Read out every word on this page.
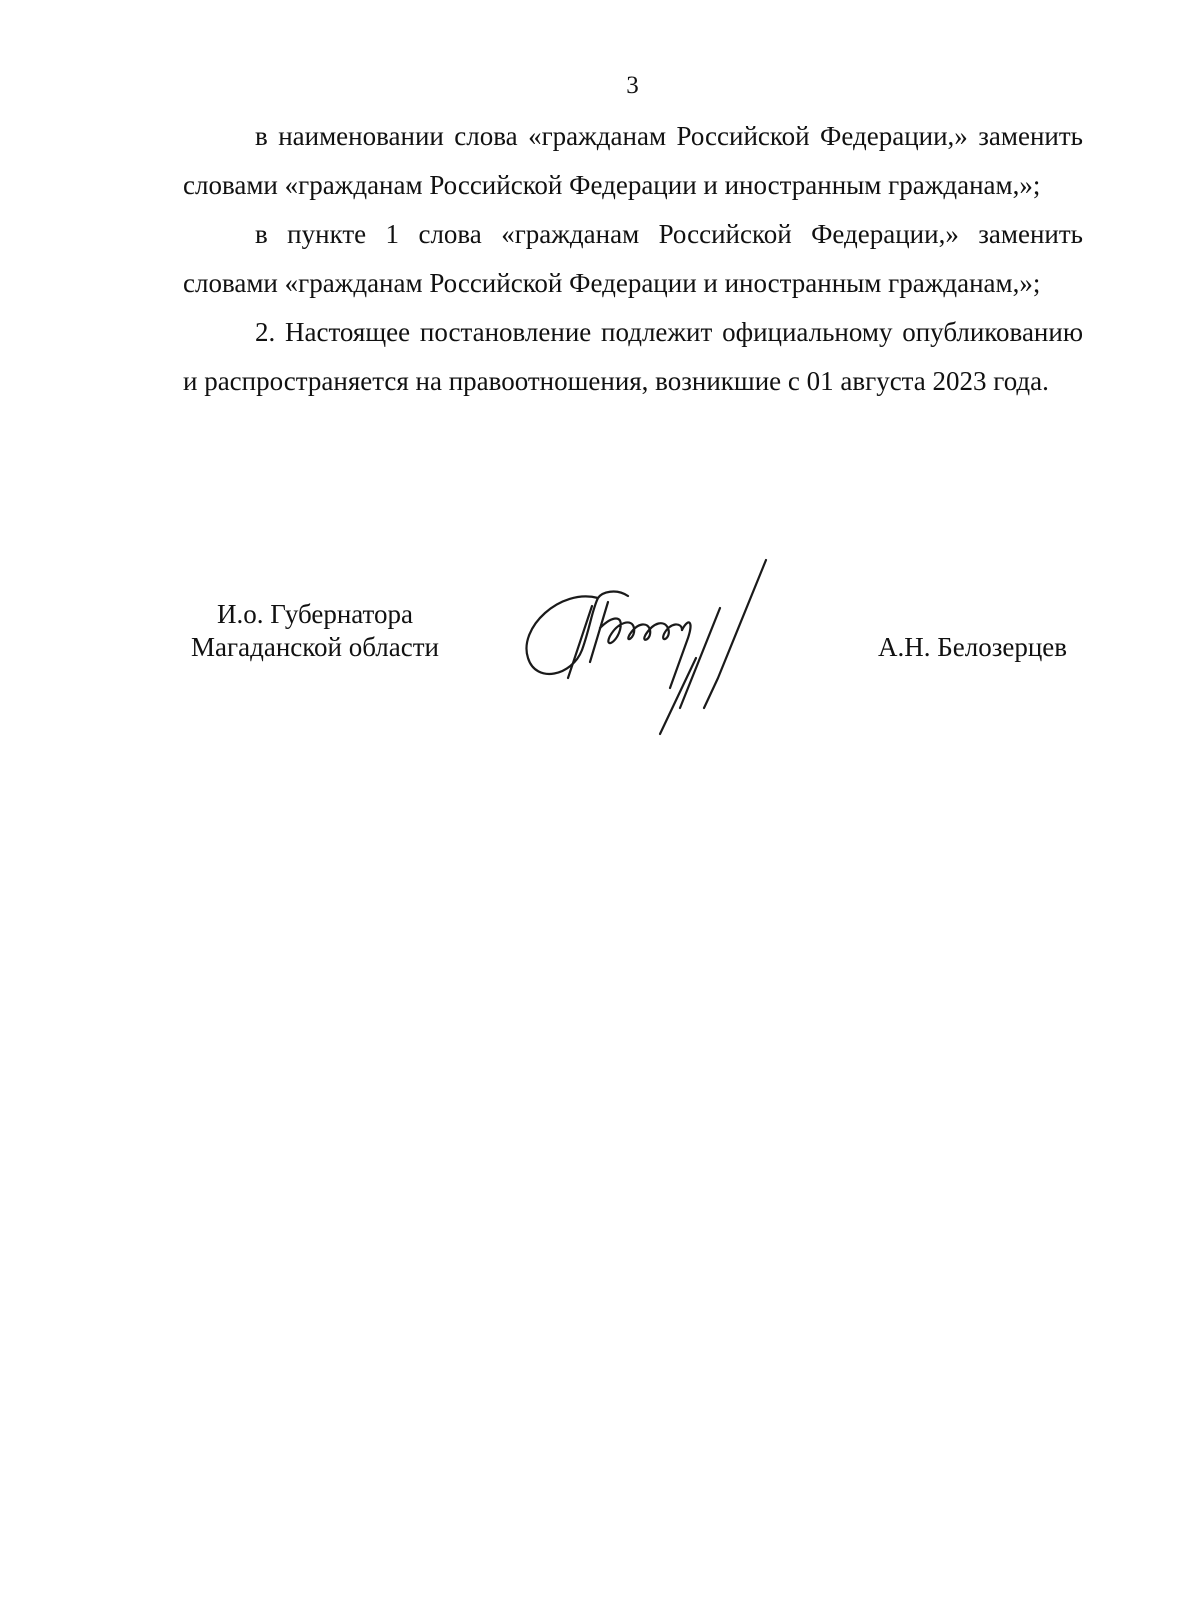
3

в наименовании слова «гражданам Российской Федерации,» заменить словами «гражданам Российской Федерации и иностранным гражданам,»;

в пункте 1 слова «гражданам Российской Федерации,» заменить словами «гражданам Российской Федерации и иностранным гражданам,»;

2. Настоящее постановление подлежит официальному опубликованию и распространяется на правоотношения, возникшие с 01 августа 2023 года.

И.о. Губернатора
Магаданской области	А.Н. Белозерцев
